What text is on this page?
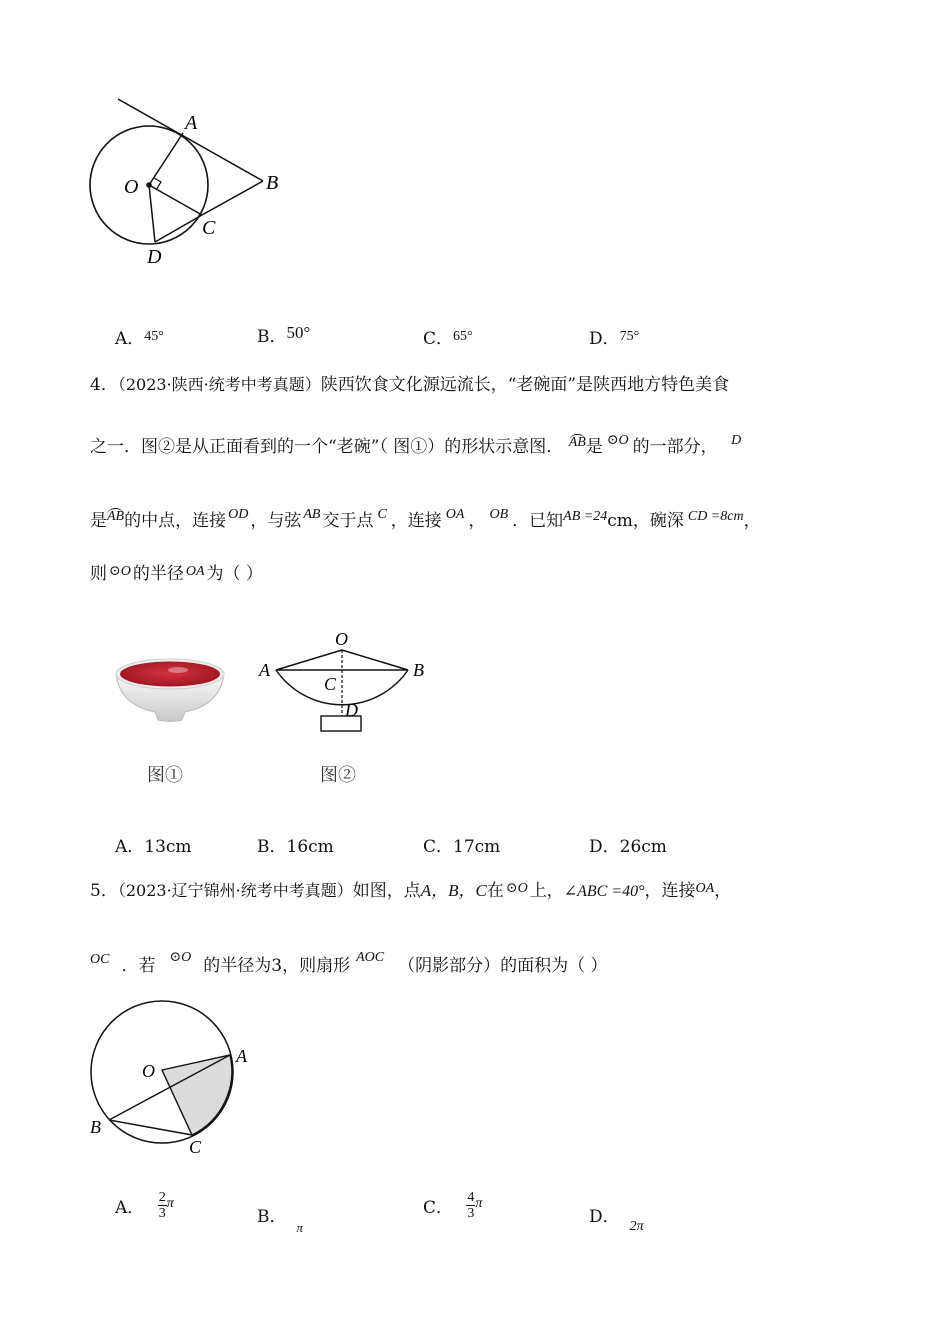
A
B
C
D
O
A．$^{45^\circ}$	B．50°	C．$^{65^\circ}$	D．$^{75^\circ}$
4．（2023·陕西·统考中考真题）陕西饮食文化源远流长，“老碗面”是陕西地方特色美食
之一．图②是从正面看到的一个“老碗”（ 图①）的形状示意图． $^{AB}$是 $^{⊙O}$ 的一部分， $^D$
是$^{AB}$的中点，连接 $^{OD}$ ，与弦 $^{AB}$ 交于点 $^C$ ，连接 $^{OA}$ ， $^{OB}$ ．已知$^{AB =24}$cm，碗深 $^{CD =8cm}$，
则 $^{⊙O}$ 的半径 $^{OA}$ 为（ ）
O
A	B
C
D
图①	图②
A．13cm	B．16cm	C．17cm	D．26cm
5．（2023·辽宁锦州·统考中考真题）如图，点A，B，C在 $^{⊙O}$ 上，∠ABC =40°，连接$^{OA}$，
$^{OC}$ ．若 $^{⊙O}$ 的半径为3，则扇形 $^{AOC}$ （阴影部分）的面积为（ ）
O
A
B
C
A． $\frac{2}{3}$ π
B．$_\pi$
C． $\frac{4}{3}$ π
D． $_{2\pi}$
